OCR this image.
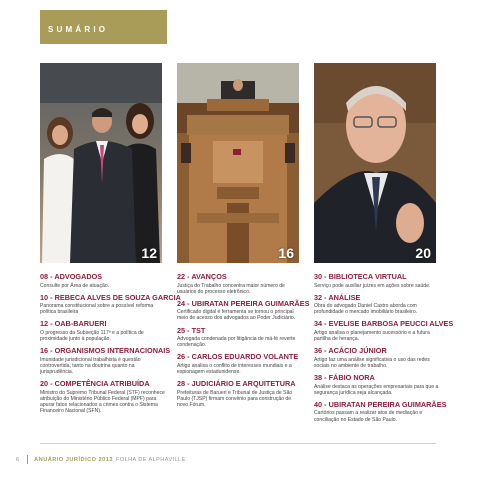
SUMÁRIO
12	16	20
08 - ADVOGADOS
Consulte por Área de atuação.
10 - REBECA ALVES DE SOUZA GARCIA
Panorama constitucional sobre a possível reforma política brasileira
12 - OAB-BARUERI
O progresso da Subseção 117ª e a política de proximidade junto à população.
16 - ORGANISMOS INTERNACIONAIS
Imunidade jurisdicional trabalhista é questão controvertida, tanto na doutrina quanto na jurisprudência.
20 - COMPETÊNCIA ATRIBUÍDA
Ministro do Supremo Tribunal Federal (STF) reconhece atribuição do Ministério Público Federal (MPF) para apurar fatos relacionados a crimes contra o Sistema Financeiro Nacional (SFN).
22 - AVANÇOS
Justiça do Trabalho concentra maior número de usuários do processo eletrônico.
24 - UBIRATAN PEREIRA GUIMARÃES
Certificado digital é ferramenta se tornou o principal meio de acesso dos advogados ao Poder Judiciário.
25 - TST
Advogada condenada por litigância de má-fé reverte condenação.
26 - CARLOS EDUARDO VOLANTE
Artigo analisa o conflito de interesses mundiais e a espionagem estadunidense.
28 - JUDICIÁRIO E ARQUITETURA
Prefeituras de Barueri e Tribunal de Justiça de São Paulo (TJSP) firmam convênio para construção de novo Fórum.
30 - BIBLIOTECA VIRTUAL
Serviço pode auxiliar juízes em ações sobre saúde.
32 - ANÁLISE
Obra do advogado Daniel Castro aborda com profundidade o mercado imobiliário brasileiro.
34 - EVELISE BARBOSA PEUCCI ALVES
Artigo analisa o planejamento sucessório e a futura partilha de herança.
36 - ACÁCIO JÚNIOR
Artigo faz uma análise significativa o uso das redes sociais no ambiente de trabalho.
38 - FÁBIO NORA
Análise destaca as operações empresariais para que a segurança jurídica seja alcançada.
40 - UBIRATAN PEREIRA GUIMARÃES
Cartórios passam a realizar atos de mediação e conciliação no Estado de São Paulo.
6	ANUÁRIO JURÍDICO 2013 FOLHA DE ALPHAVILLE
